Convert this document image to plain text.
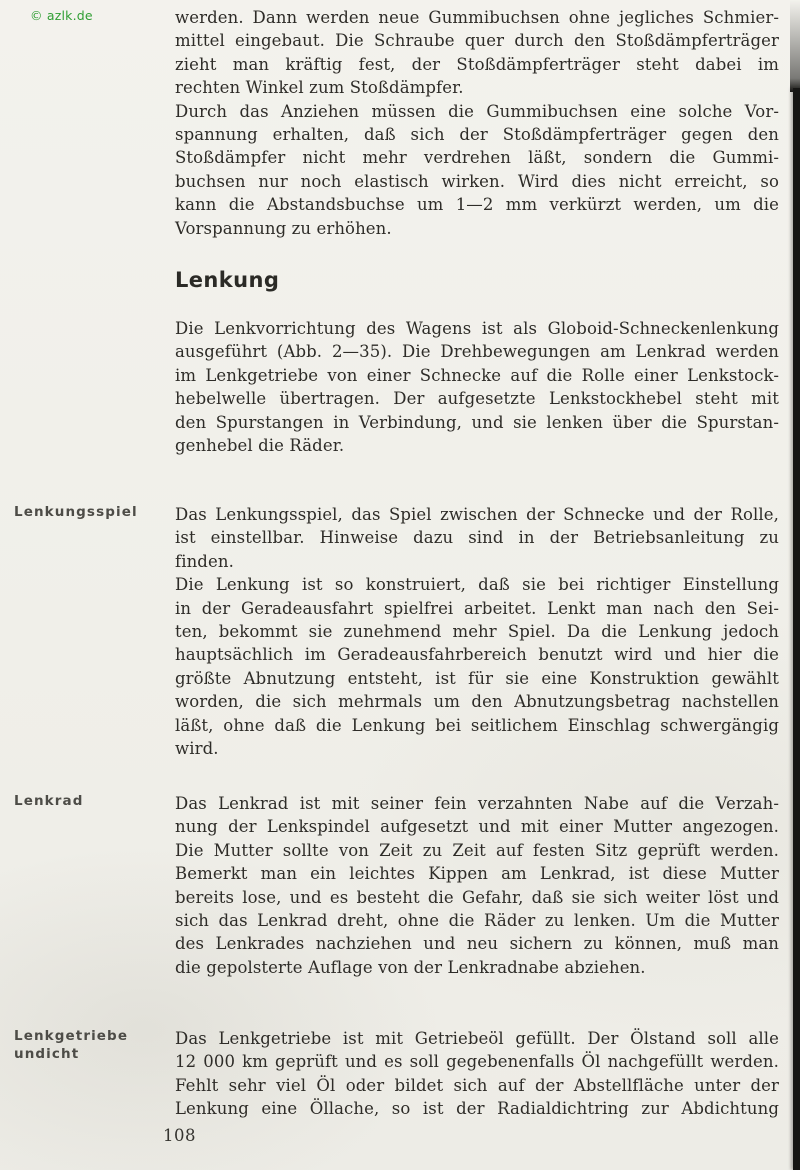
© azlk.de	werden. Dann werden neue Gummibuchsen ohne jegliches Schmier-
mittel eingebaut. Die Schraube quer durch den Stoßdämpferträger
zieht man kräftig fest, der Stoßdämpferträger steht dabei im
rechten Winkel zum Stoßdämpfer.
Durch das Anziehen müssen die Gummibuchsen eine solche Vor-
spannung erhalten, daß sich der Stoßdämpferträger gegen den
Stoßdämpfer nicht mehr verdrehen läßt, sondern die Gummi-
buchsen nur noch elastisch wirken. Wird dies nicht erreicht, so
kann die Abstandsbuchse um 1—2 mm verkürzt werden, um die
Vorspannung zu erhöhen.
Lenkung
Die Lenkvorrichtung des Wagens ist als Globoid-Schneckenlenkung
ausgeführt (Abb. 2—35). Die Drehbewegungen am Lenkrad werden
im Lenkgetriebe von einer Schnecke auf die Rolle einer Lenkstock-
hebelwelle übertragen. Der aufgesetzte Lenkstockhebel steht mit
den Spurstangen in Verbindung, und sie lenken über die Spurstan-
genhebel die Räder.
Lenkungsspiel	Das Lenkungsspiel, das Spiel zwischen der Schnecke und der Rolle,
ist einstellbar. Hinweise dazu sind in der Betriebsanleitung zu
finden.
Die Lenkung ist so konstruiert, daß sie bei richtiger Einstellung
in der Geradeausfahrt spielfrei arbeitet. Lenkt man nach den Sei-
ten, bekommt sie zunehmend mehr Spiel. Da die Lenkung jedoch
hauptsächlich im Geradeausfahrbereich benutzt wird und hier die
größte Abnutzung entsteht, ist für sie eine Konstruktion gewählt
worden, die sich mehrmals um den Abnutzungsbetrag nachstellen
läßt, ohne daß die Lenkung bei seitlichem Einschlag schwergängig
wird.
Lenkrad	Das Lenkrad ist mit seiner fein verzahnten Nabe auf die Verzah-
nung der Lenkspindel aufgesetzt und mit einer Mutter angezogen.
Die Mutter sollte von Zeit zu Zeit auf festen Sitz geprüft werden.
Bemerkt man ein leichtes Kippen am Lenkrad, ist diese Mutter
bereits lose, und es besteht die Gefahr, daß sie sich weiter löst und
sich das Lenkrad dreht, ohne die Räder zu lenken. Um die Mutter
des Lenkrades nachziehen und neu sichern zu können, muß man
die gepolsterte Auflage von der Lenkradnabe abziehen.
Lenkgetriebe
undicht
Das Lenkgetriebe ist mit Getriebeöl gefüllt. Der Ölstand soll alle
12 000 km geprüft und es soll gegebenenfalls Öl nachgefüllt werden.
Fehlt sehr viel Öl oder bildet sich auf der Abstellfläche unter der
Lenkung eine Öllache, so ist der Radialdichtring zur Abdichtung
108
